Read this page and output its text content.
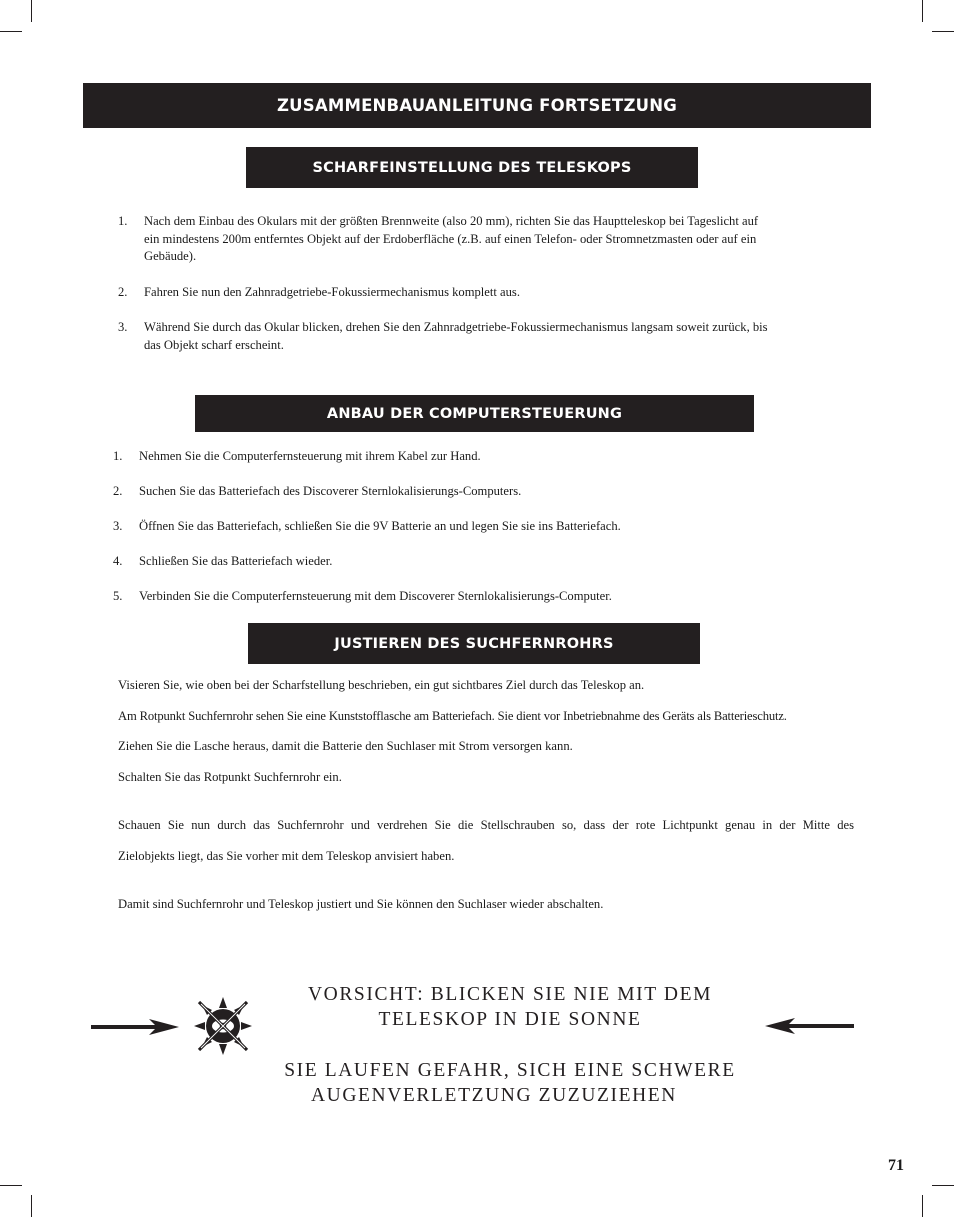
ZUSAMMENBAUANLEITUNG FORTSETZUNG
SCHARFEINSTELLUNG DES TELESKOPS
1. Nach dem Einbau des Okulars mit der größten Brennweite (also 20 mm), richten Sie das Hauptteleskop bei Tageslicht auf
ein mindestens 200m entferntes Objekt auf der Erdoberfläche (z.B. auf einen Telefon- oder Stromnetzmasten oder auf ein
Gebäude).
2. Fahren Sie nun den Zahnradgetriebe-Fokussiermechanismus komplett aus.
3. Während Sie durch das Okular blicken, drehen Sie den Zahnradgetriebe-Fokussiermechanismus langsam soweit zurück, bis
das Objekt scharf erscheint.
ANBAU DER COMPUTERSTEUERUNG
1. Nehmen Sie die Computerfernsteuerung mit ihrem Kabel zur Hand.
2. Suchen Sie das Batteriefach des Discoverer Sternlokalisierungs-Computers.
3. Öffnen Sie das Batteriefach, schließen Sie die 9V Batterie an und legen Sie sie ins Batteriefach.
4. Schließen Sie das Batteriefach wieder.
5. Verbinden Sie die Computerfernsteuerung mit dem Discoverer Sternlokalisierungs-Computer.
JUSTIEREN DES SUCHFERNROHRS

Visieren Sie, wie oben bei der Scharfstellung beschrieben, ein gut sichtbares Ziel durch das Teleskop an.

Am Rotpunkt Suchfernrohr sehen Sie eine Kunststofflasche am Batteriefach. Sie dient vor Inbetriebnahme des Geräts als Batterieschutz.

Ziehen Sie die Lasche heraus, damit die Batterie den Suchlaser mit Strom versorgen kann.

Schalten Sie das Rotpunkt Suchfernrohr ein.

Schauen Sie nun durch das Suchfernrohr und verdrehen Sie die Stellschrauben so, dass der rote Lichtpunkt genau in der Mitte des

Zielobjekts liegt, das Sie vorher mit dem Teleskop anvisiert haben.

Damit sind Suchfernrohr und Teleskop justiert und Sie können den Suchlaser wieder abschalten.

VORSICHT: BLICKEN SIE NIE MIT DEM

TELESKOP IN DIE SONNE

SIE LAUFEN GEFAHR, SICH EINE SCHWERE

AUGENVERLETZUNG ZUZUZIEHEN

71
